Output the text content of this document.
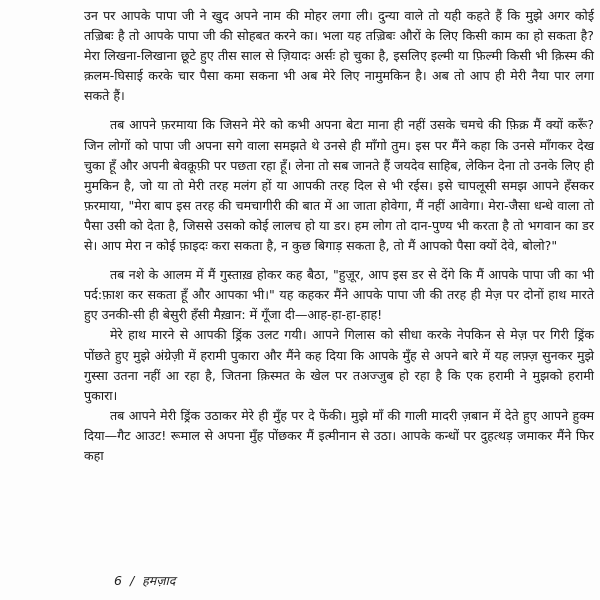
उन पर आपके पापा जी ने खुद अपने नाम की मोहर लगा ली। दुन्या वाले तो यही कहते हैं कि मुझे अगर कोई तज़्रिबः है तो आपके पापा जी की सोहबत करने का। भला यह तज़्रिबः औरों के लिए किसी काम का हो सकता है? मेरा लिखना-लिखाना छूटे हुए तीस साल से ज़ियादः अर्सः हो चुका है, इसलिए इल्मी या फ़िल्मी किसी भी क़िस्म की क़लम-घिसाई करके चार पैसा कमा सकना भी अब मेरे लिए नामुमकिन है। अब तो आप ही मेरी नैया पार लगा सकते हैं।

तब आपने फ़रमाया कि जिसने मेरे को कभी अपना बेटा माना ही नहीं उसके चमचे की फ़िक्र मैं क्यों करूँ? जिन लोगों को पापा जी अपना सगे वाला समझते थे उनसे ही माँगो तुम। इस पर मैंने कहा कि उनसे माँगकर देख चुका हूँ और अपनी बेवक़ूफ़ी पर पछता रहा हूँ। लेना तो सब जानते हैं जयदेव साहिब, लेकिन देना तो उनके लिए ही मुमकिन है, जो या तो मेरी तरह मलंग हों या आपकी तरह दिल से भी रईस। इसे चापलूसी समझ आपने हँसकर फ़रमाया, "मेरा बाप इस तरह की चमचागीरी की बात में आ जाता होवेगा, मैं नहीं आवेगा। मेरा-जैसा धन्धे वाला तो पैसा उसी को देता है, जिससे उसको कोई लालच हो या डर। हम लोग तो दान-पुण्य भी करता है तो भगवान का डर से। आप मेरा न कोई फ़ाइदः करा सकता है, न कुछ बिगाड़ सकता है, तो मैं आपको पैसा क्यों देवे, बोलो?"

तब नशे के आलम में मैं गुस्ताख़ होकर कह बैठा, "हुज़ूर, आप इस डर से देंगे कि मैं आपके पापा जी का भी पर्द:फ़ाश कर सकता हूँ और आपका भी।" यह कहकर मैंने आपके पापा जी की तरह ही मेज़ पर दोनों हाथ मारते हुए उनकी-सी ही बेसुरी हँसी मैख़ान: में गूँजा दी—आह-हा-हा-हाह!

मेरे हाथ मारने से आपकी ड्रिंक उलट गयी। आपने गिलास को सीधा करके नेपकिन से मेज़ पर गिरी ड्रिंक पोंछते हुए मुझे अंग्रेज़ी में हरामी पुकारा और मैंने कह दिया कि आपके मुँह से अपने बारे में यह लफ़्ज़ सुनकर मुझे गुस्सा उतना नहीं आ रहा है, जितना क़िस्मत के खेल पर तअज्जुब हो रहा है कि एक हरामी ने मुझको हरामी पुकारा।

तब आपने मेरी ड्रिंक उठाकर मेरे ही मुँह पर दे फेंकी। मुझे माँ की गाली मादरी ज़बान में देते हुए आपने हुक्म दिया—गैट आउट! रूमाल से अपना मुँह पोंछकर मैं इत्मीनान से उठा। आपके कन्धों पर दुहत्थड़ जमाकर मैंने फिर कहा

6 / हमज़ाद
